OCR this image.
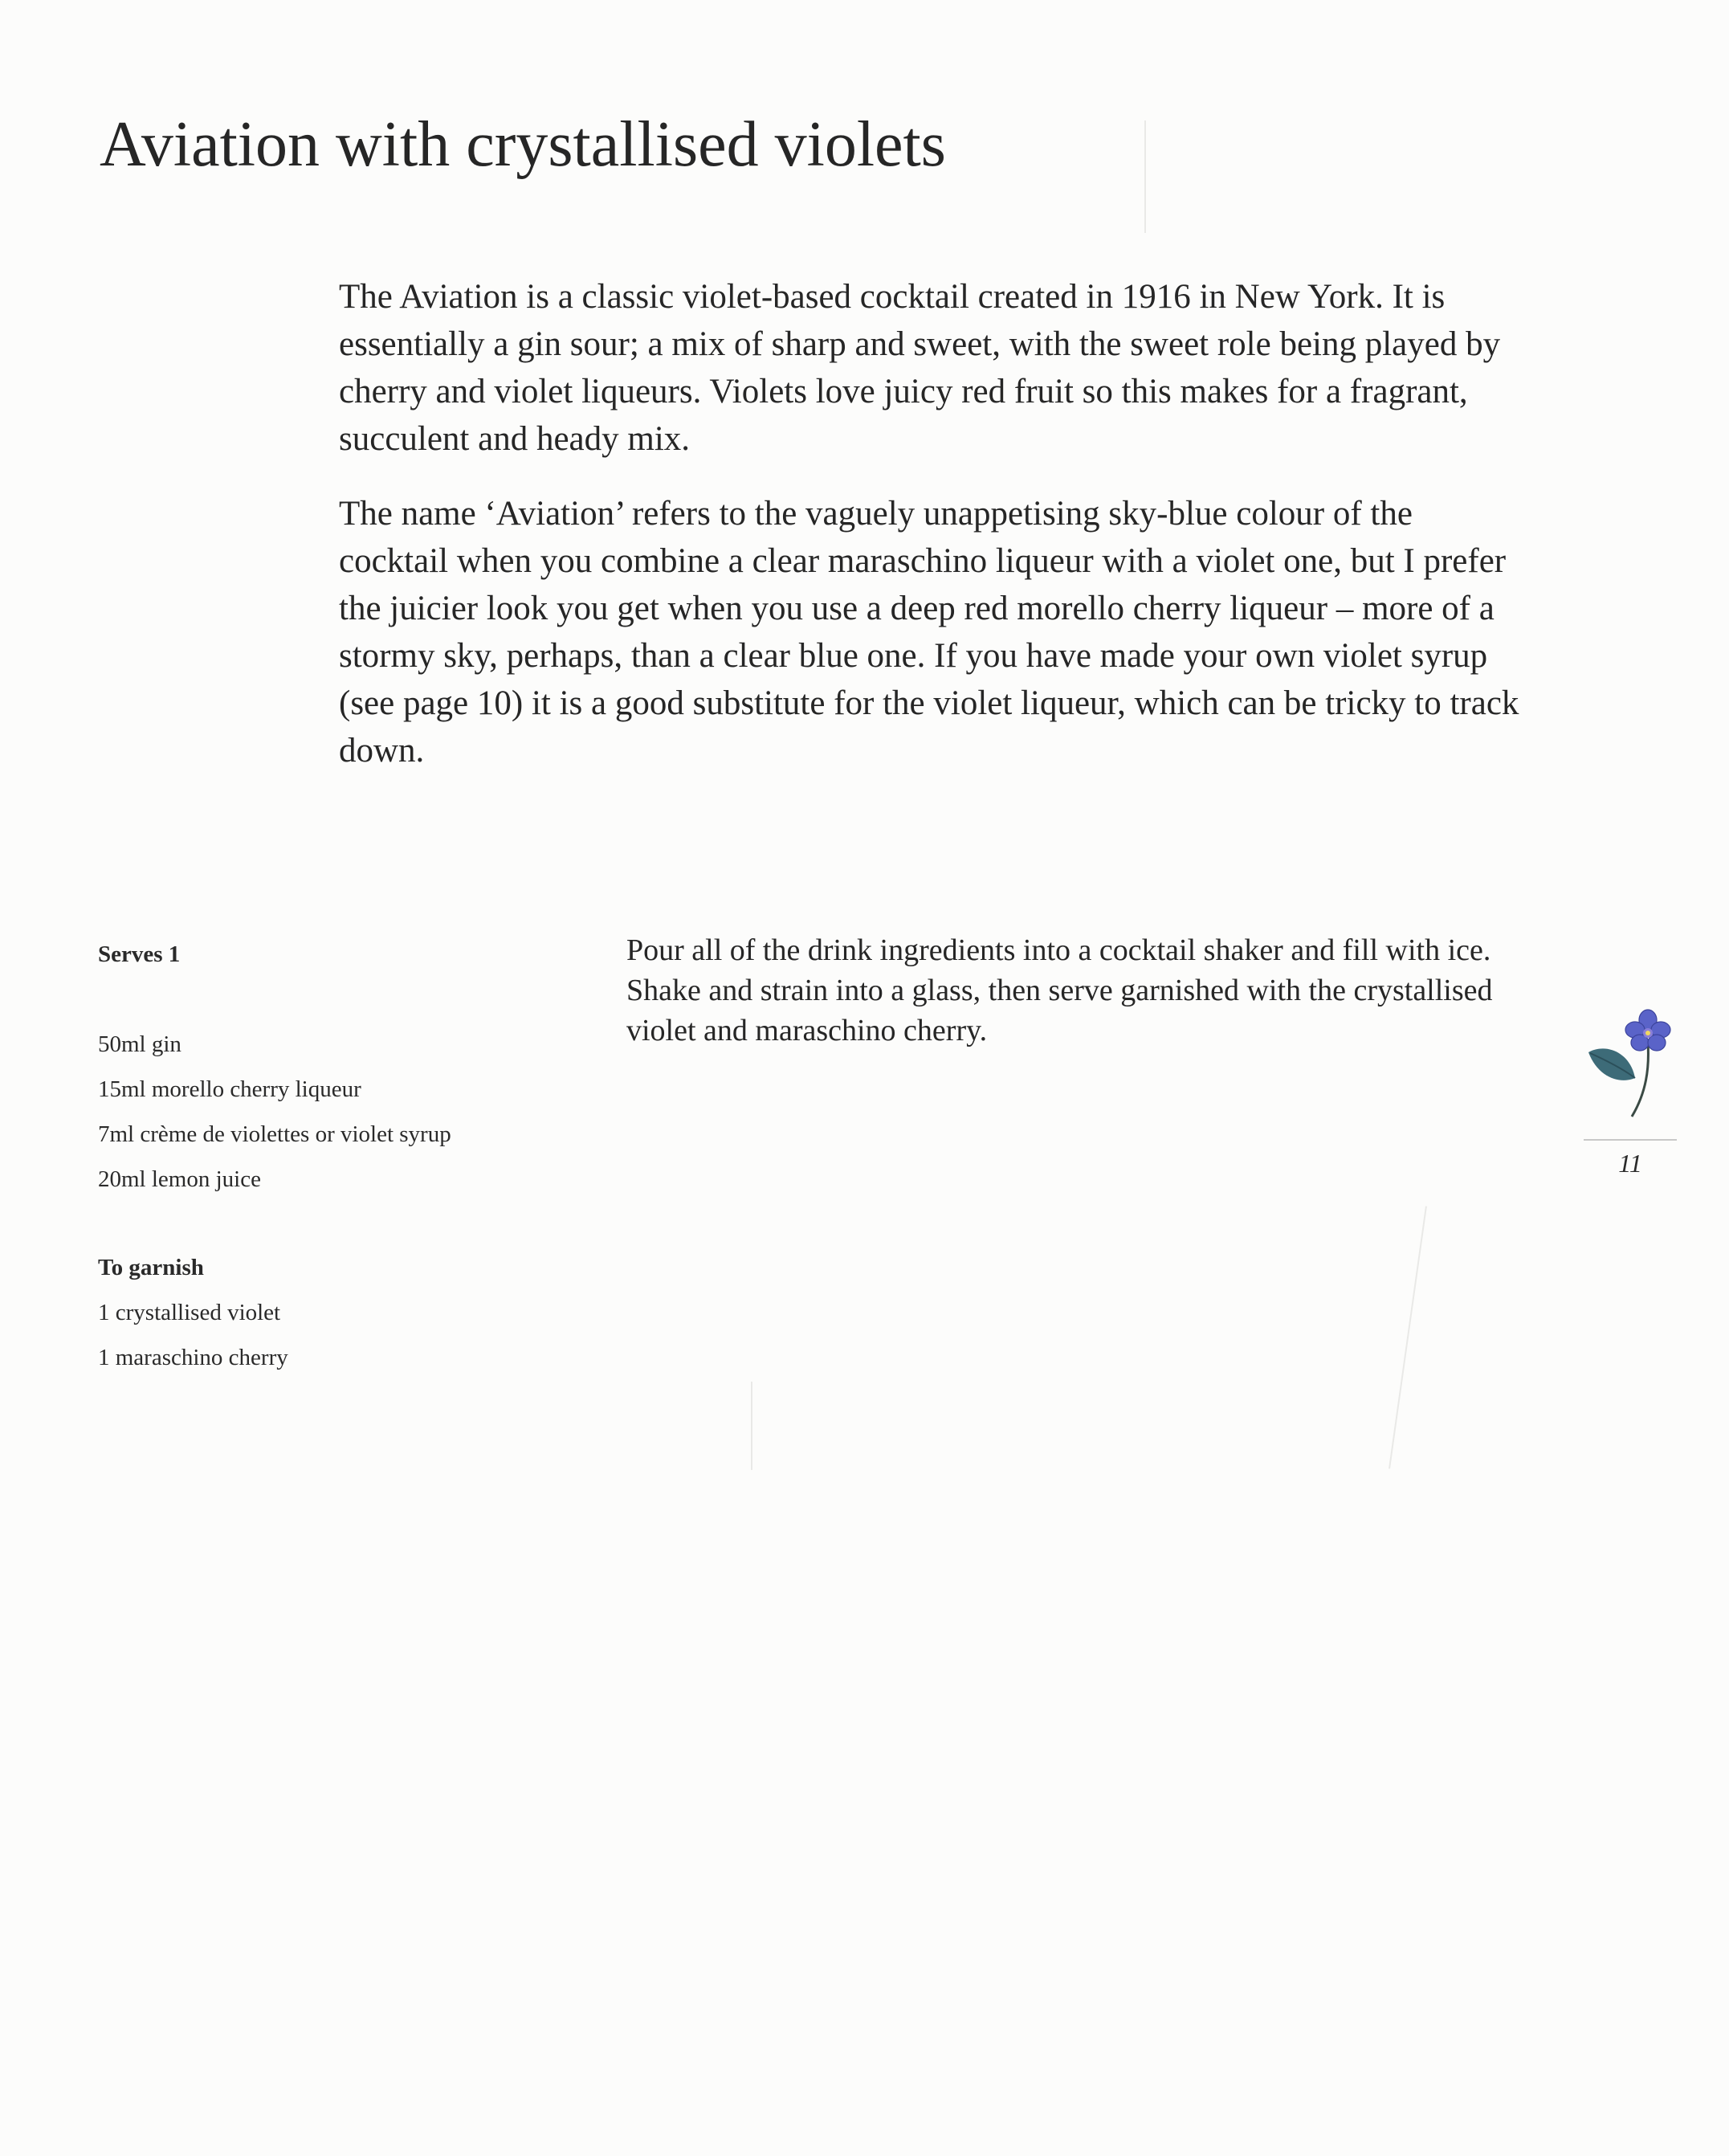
Aviation with crystallised violets

The Aviation is a classic violet-based cocktail created in 1916 in New York. It is essentially a gin sour; a mix of sharp and sweet, with the sweet role being played by cherry and violet liqueurs. Violets love juicy red fruit so this makes for a fragrant, succulent and heady mix.

The name ‘Aviation’ refers to the vaguely unappetising sky-blue colour of the cocktail when you combine a clear maraschino liqueur with a violet one, but I prefer the juicier look you get when you use a deep red morello cherry liqueur – more of a stormy sky, perhaps, than a clear blue one. If you have made your own violet syrup (see page 10) it is a good substitute for the violet liqueur, which can be tricky to track down.

Serves 1
50ml gin
15ml morello cherry liqueur
7ml crème de violettes or violet syrup
20ml lemon juice
To garnish
1 crystallised violet
1 maraschino cherry

Pour all of the drink ingredients into a cocktail shaker and fill with ice. Shake and strain into a glass, then serve garnished with the crystallised violet and maraschino cherry.

11
